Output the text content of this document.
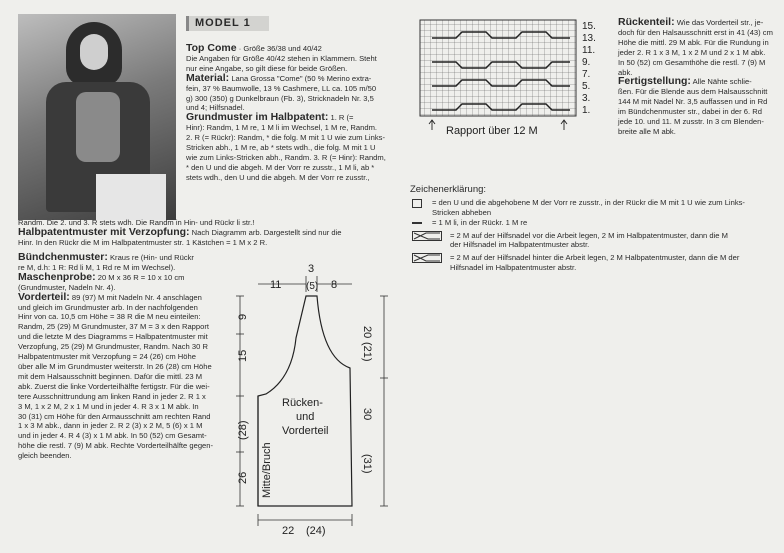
MODEL 1
Top Come · Größe 36/38 und 40/42
Die Angaben für Größe 40/42 stehen in Klammern. Steht
nur eine Angabe, so gilt diese für beide Größen.
Material: Lana Grossa "Come" (50 % Merino extra-
fein, 37 % Baumwolle, 13 % Cashmere, LL ca. 105 m/50
g) 300 (350) g Dunkelbraun (Fb. 3), Stricknadeln Nr. 3,5
und 4; Hilfsnadel.
Grundmuster im Halbpatent: 1. R (=
Hinr): Randm, 1 M re, 1 M li im Wechsel, 1 M re, Randm.
2. R (= Rückr): Randm, * die folg. M mit 1 U wie zum Links-
Stricken abh., 1 M re, ab * stets wdh., die folg. M mit 1 U
wie zum Links-Stricken abh., Randm. 3. R (= Hinr): Randm,
* den U und die abgeh. M der Vorr re zusstr., 1 M li, ab *
stets wdh., den U und die abgeh. M der Vorr re zusstr.,
Randm. Die 2. und 3. R stets wdh. Die Randm in Hin- und Rückr li str.!
Halbpatentmuster mit Verzopfung: Nach Diagramm arb. Dargestellt sind nur die
Hinr. In den Rückr die M im Halbpatentmuster str. 1 Kästchen = 1 M x 2 R.
Bündchenmuster: Kraus re (Hin- und Rückr
re M, d.h: 1 R: Rd li M, 1 Rd re M im Wechsel).
Maschenprobe: 20 M x 36 R = 10 x 10 cm
(Grundmuster, Nadeln Nr. 4).
Vorderteil: 89 (97) M mit Nadeln Nr. 4 anschlagen
und gleich im Grundmuster arb. In der nachfolgenden
Hinr von ca. 10,5 cm Höhe = 38 R die M neu einteilen:
Randm, 25 (29) M Grundmuster, 37 M = 3 x den Rapport
und die letzte M des Diagramms = Halbpatentmuster mit
Verzopfung, 25 (29) M Grundmuster, Randm. Nach 30 R
Halbpatentmuster mit Verzopfung = 24 (26) cm Höhe
über alle M im Grundmuster weiterstr. In 26 (28) cm Höhe
mit dem Halsausschnitt beginnen. Dafür die mittl. 23 M
abk. Zuerst die linke Vorderteilhälfte fertigstr. Für die wei-
tere Ausschnittrundung am linken Rand in jeder 2. R 1 x
3 M, 1 x 2 M, 2 x 1 M und in jeder 4. R 3 x 1 M abk. In
30 (31) cm Höhe für den Armausschnitt am rechten Rand
1 x 3 M abk., dann in jeder 2. R 2 (3) x 2 M, 5 (6) x 1 M
und in jeder 4. R 4 (3) x 1 M abk. In 50 (52) cm Gesamt-
höhe die restl. 7 (9) M abk. Rechte Vorderteilhälfte gegen-
gleich beenden.
11
3
(5) 8
Rücken-
und
Vorderteil
22 (24)
9
15
(28)
26 Mitte/Bruch
20
(21)
30
(31)
Rapport über 12 M
15.
13.
11.
9.
7.
5.
3.
1.
Rückenteil: Wie das Vorderteil str., je-
doch für den Halsausschnitt erst in 41 (43) cm
Höhe die mittl. 29 M abk. Für die Rundung in
jeder 2. R 1 x 3 M, 1 x 2 M und 2 x 1 M abk.
In 50 (52) cm Gesamthöhe die restl. 7 (9) M
abk.
Fertigstellung: Alle Nähte schlie-
ßen. Für die Blende aus dem Halsausschnitt
144 M mit Nadel Nr. 3,5 auffassen und in Rd
im Bündchenmuster str., dabei in der 6. Rd
jede 10. und 11. M zusstr. In 3 cm Blenden-
breite alle M abk.
Zeichenerklärung:
= den U und die abgehobene M der Vorr re zusstr., in der Rückr die M mit 1 U wie zum Links-
Stricken abheben
= 1 M li, in der Rückr. 1 M re
= 2 M auf der Hilfsnadel vor die Arbeit legen, 2 M im Halbpatentmuster, dann die M
der Hilfsnadel im Halbpatentmuster abstr.
= 2 M auf der Hilfsnadel hinter die Arbeit legen, 2 M Halbpatentmuster, dann die M der
Hilfsnadel im Halbpatentmuster abstr.
